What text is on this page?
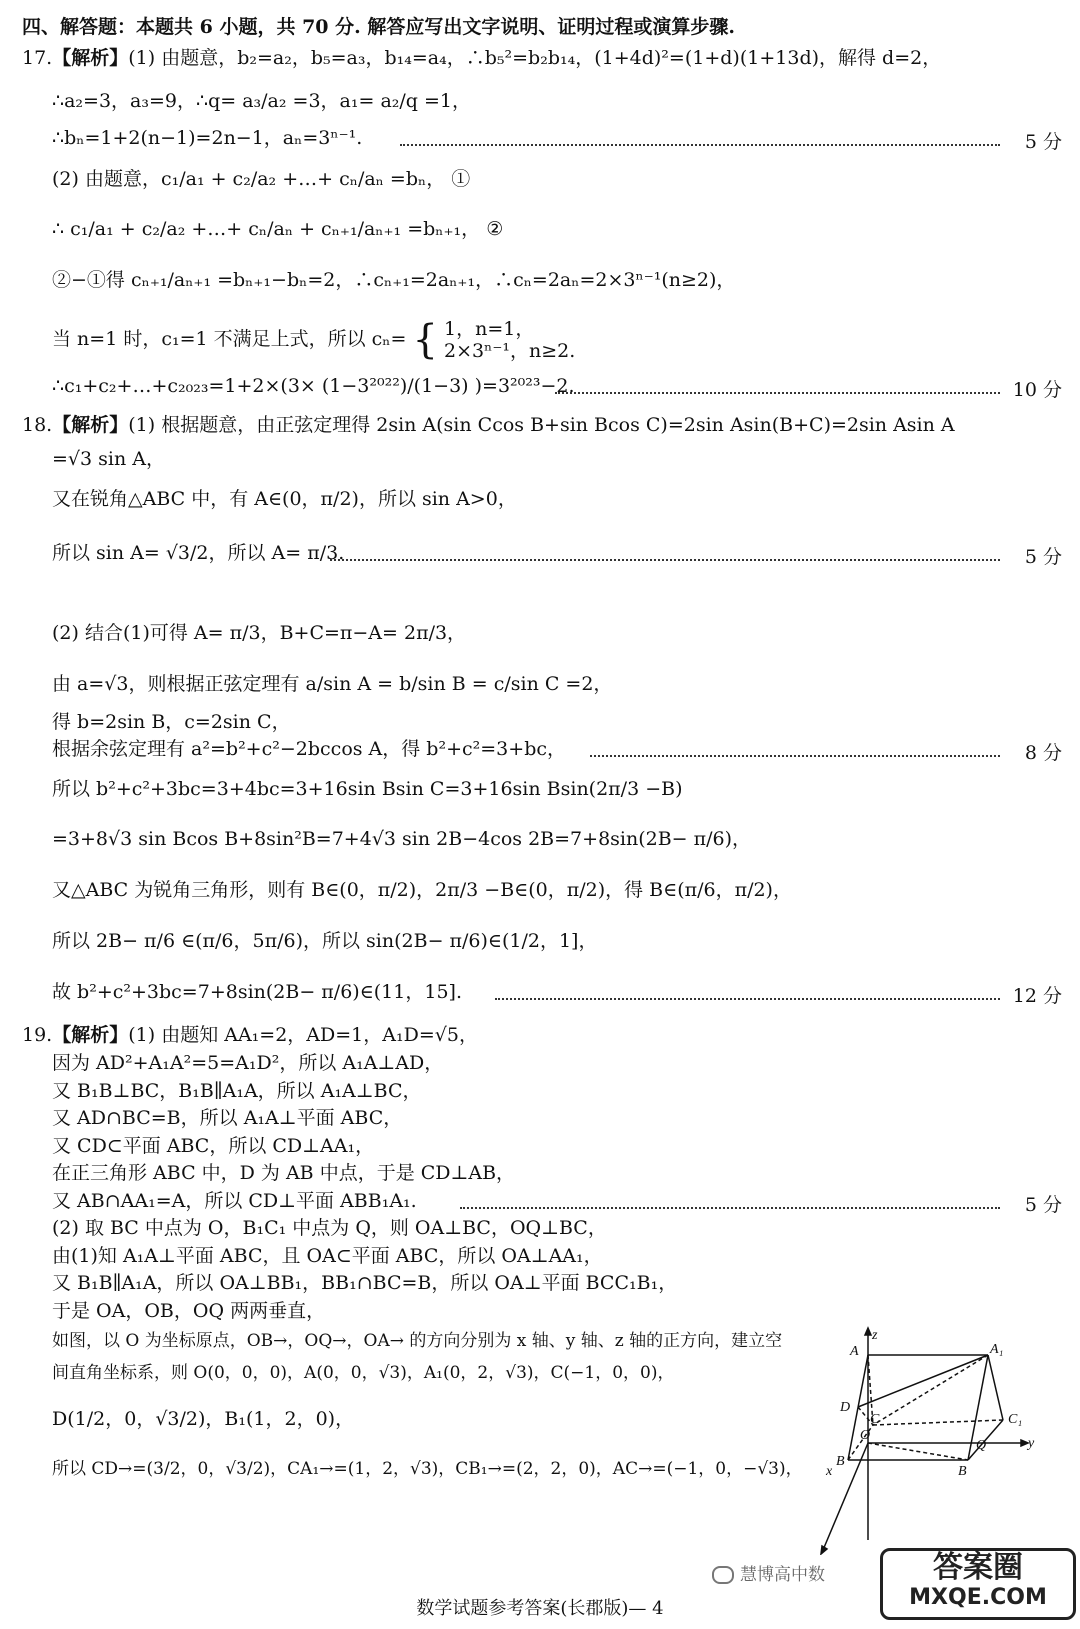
四、解答题：本题共 6 小题，共 70 分. 解答应写出文字说明、证明过程或演算步骤.
17.【解析】(1) 由题意，b₂=a₂，b₅=a₃，b₁₄=a₄，∴b₅²=b₂b₁₄，(1+4d)²=(1+d)(1+13d)，解得 d=2，
∴a₂=3，a₃=9，∴q= a₃/a₂ =3，a₁= a₂/q =1，
∴bₙ=1+2(n−1)=2n−1，aₙ=3ⁿ⁻¹.	5 分
(2) 由题意，c₁/a₁ + c₂/a₂ +…+ cₙ/aₙ =bₙ， ①
∴ c₁/a₁ + c₂/a₂ +…+ cₙ/aₙ + cₙ₊₁/aₙ₊₁ =bₙ₊₁， ②
②−①得 cₙ₊₁/aₙ₊₁ =bₙ₊₁−bₙ=2，∴cₙ₊₁=2aₙ₊₁，∴cₙ=2aₙ=2×3ⁿ⁻¹(n≥2)，
当 n=1 时，c₁=1 不满足上式，所以 cₙ= { 1，n=1，
2×3ⁿ⁻¹，n≥2.
∴c₁+c₂+…+c₂₀₂₃=1+2×(3× (1−3²⁰²²)/(1−3) )=3²⁰²³−2.	10 分
18.【解析】(1) 根据题意，由正弦定理得 2sin A(sin Ccos B+sin Bcos C)=2sin Asin(B+C)=2sin Asin A
=√3 sin A，
又在锐角△ABC 中，有 A∈(0，π/2)，所以 sin A>0，
所以 sin A= √3/2，所以 A= π/3.	5 分
(2) 结合(1)可得 A= π/3，B+C=π−A= 2π/3，
由 a=√3，则根据正弦定理有 a/sin A = b/sin B = c/sin C =2，
得 b=2sin B，c=2sin C，
根据余弦定理有 a²=b²+c²−2bccos A，得 b²+c²=3+bc，	8 分
所以 b²+c²+3bc=3+4bc=3+16sin Bsin C=3+16sin Bsin(2π/3 −B)
=3+8√3 sin Bcos B+8sin²B=7+4√3 sin 2B−4cos 2B=7+8sin(2B− π/6)，
又△ABC 为锐角三角形，则有 B∈(0，π/2)，2π/3 −B∈(0，π/2)，得 B∈(π/6，π/2)，
所以 2B− π/6 ∈(π/6，5π/6)，所以 sin(2B− π/6)∈(1/2，1]，
故 b²+c²+3bc=7+8sin(2B− π/6)∈(11，15].	12 分
19.【解析】(1) 由题知 AA₁=2，AD=1，A₁D=√5，
因为 AD²+A₁A²=5=A₁D²，所以 A₁A⊥AD，
又 B₁B⊥BC，B₁B∥A₁A，所以 A₁A⊥BC，
又 AD∩BC=B，所以 A₁A⊥平面 ABC，
又 CD⊂平面 ABC，所以 CD⊥AA₁，
在正三角形 ABC 中，D 为 AB 中点，于是 CD⊥AB，
又 AB∩AA₁=A，所以 CD⊥平面 ABB₁A₁.	5 分
(2) 取 BC 中点为 O，B₁C₁ 中点为 Q，则 OA⊥BC，OQ⊥BC，
由(1)知 A₁A⊥平面 ABC，且 OA⊂平面 ABC，所以 OA⊥AA₁，
又 B₁B∥A₁A，所以 OA⊥BB₁，BB₁∩BC=B，所以 OA⊥平面 BCC₁B₁，
于是 OA，OB，OQ 两两垂直，
如图，以 O 为坐标原点，OB→，OQ→，OA→ 的方向分别为 x 轴、y 轴、z 轴的正方向，建立空
间直角坐标系，则 O(0，0，0)，A(0，0，√3)，A₁(0，2，√3)，C(−1，0，0)，
D(1/2，0，√3/2)，B₁(1，2，0)，
所以 CD→=(3/2，0，√3/2)，CA₁→=(1，2，√3)，CB₁→=(2，2，0)，AC→=(−1，0，−√3)，
z
A	A₁
D
C	C₁
O
Q
B
B
y
x
慧博高中数
数学试题参考答案(长郡版)— 4
答案圈
MXQE.COM
